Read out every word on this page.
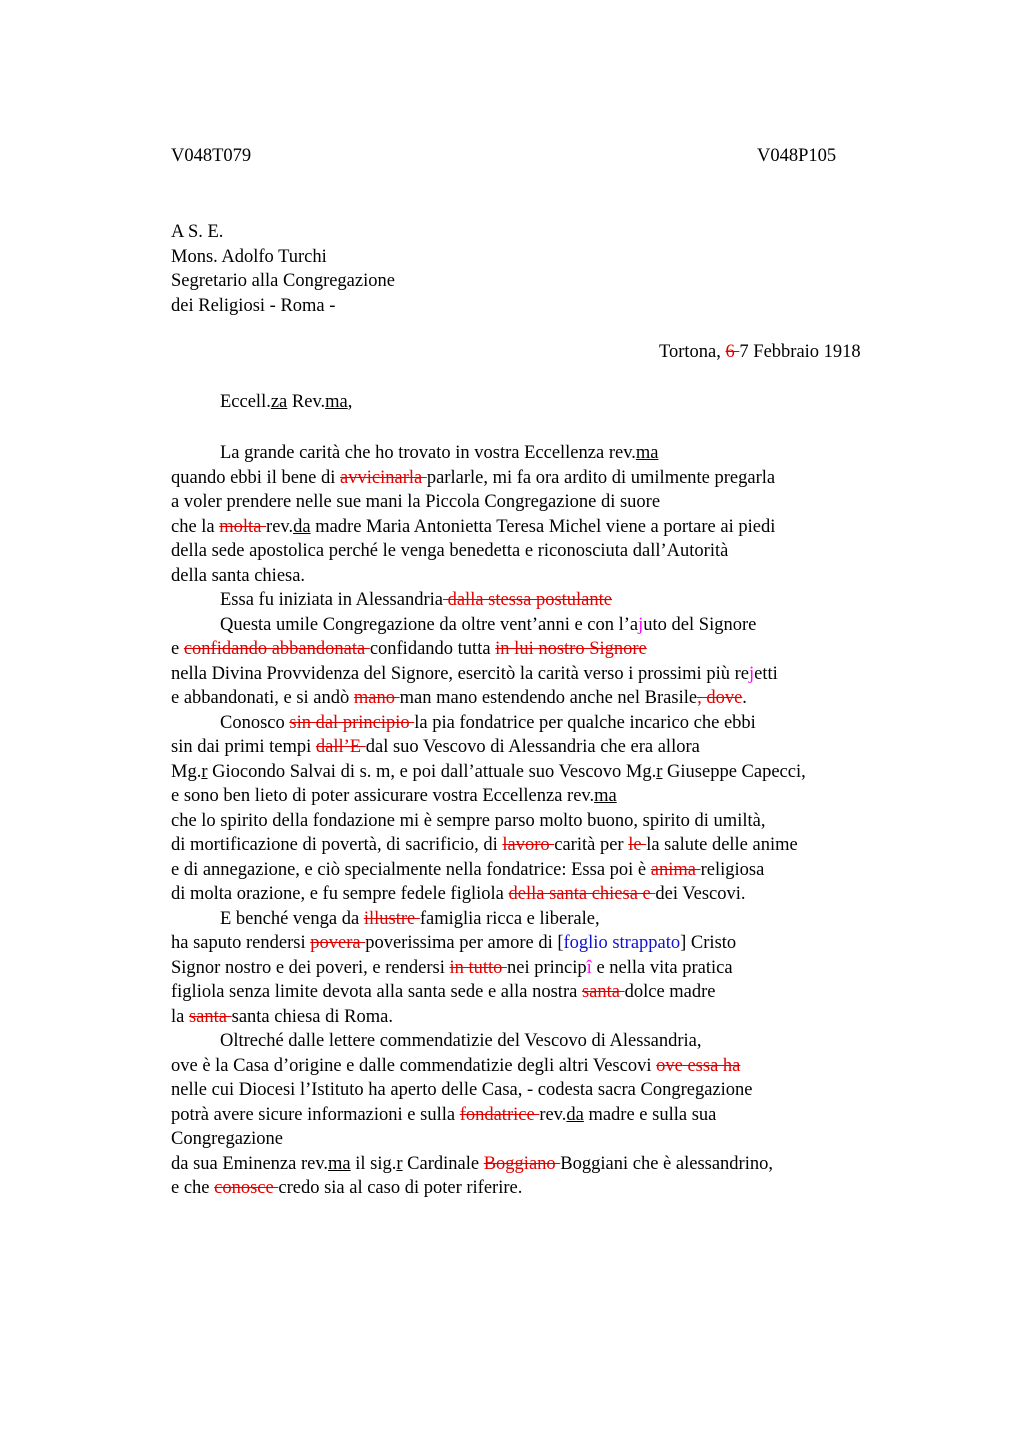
V048T079	V048P105
A S. E.
Mons. Adolfo Turchi
Segretario alla Congregazione
dei Religiosi - Roma -
Tortona, 6 7 Febbraio 1918
Eccell.za Rev.ma,
La grande carità che ho trovato in vostra Eccellenza rev.ma
quando ebbi il bene di avvicinarla parlarle, mi fa ora ardito di umilmente pregarla
a voler prendere nelle sue mani la Piccola Congregazione di suore
che la molta rev.da madre Maria Antonietta Teresa Michel viene a portare ai piedi
della sede apostolica perché le venga benedetta e riconosciuta dall’Autorità
della santa chiesa.
Essa fu iniziata in Alessandria dalla stessa postulante
Questa umile Congregazione da oltre vent’anni e con l’ajuto del Signore
e confidando abbandonata confidando tutta in lui nostro Signore
nella Divina Provvidenza del Signore, esercitò la carità verso i prossimi più rejetti
e abbandonati, e si andò mano man mano estendendo anche nel Brasile, dove.
Conosco sin dal principio la pia fondatrice per qualche incarico che ebbi
sin dai primi tempi dall’E dal suo Vescovo di Alessandria che era allora
Mg.r Giocondo Salvai di s. m, e poi dall’attuale suo Vescovo Mg.r Giuseppe Capecci,
e sono ben lieto di poter assicurare vostra Eccellenza rev.ma
che lo spirito della fondazione mi è sempre parso molto buono, spirito di umiltà,
di mortificazione di povertà, di sacrificio, di lavoro carità per le la salute delle anime
e di annegazione, e ciò specialmente nella fondatrice: Essa poi è anima religiosa
di molta orazione, e fu sempre fedele figliola della santa chiesa e dei Vescovi.
E benché venga da illustre famiglia ricca e liberale,
ha saputo rendersi povera poverissima per amore di [foglio strappato] Cristo
Signor nostro e dei poveri, e rendersi in tutto nei principî e nella vita pratica
figliola senza limite devota alla santa sede e alla nostra santa dolce madre
la santa santa chiesa di Roma.
Oltreché dalle lettere commendatizie del Vescovo di Alessandria,
ove è la Casa d’origine e dalle commendatizie degli altri Vescovi ove essa ha
nelle cui Diocesi l’Istituto ha aperto delle Casa, - codesta sacra Congregazione
potrà avere sicure informazioni e sulla fondatrice rev.da madre e sulla sua
Congregazione
da sua Eminenza rev.ma il sig.r Cardinale Boggiano Boggiani che è alessandrino,
e che conosce credo sia al caso di poter riferire.
